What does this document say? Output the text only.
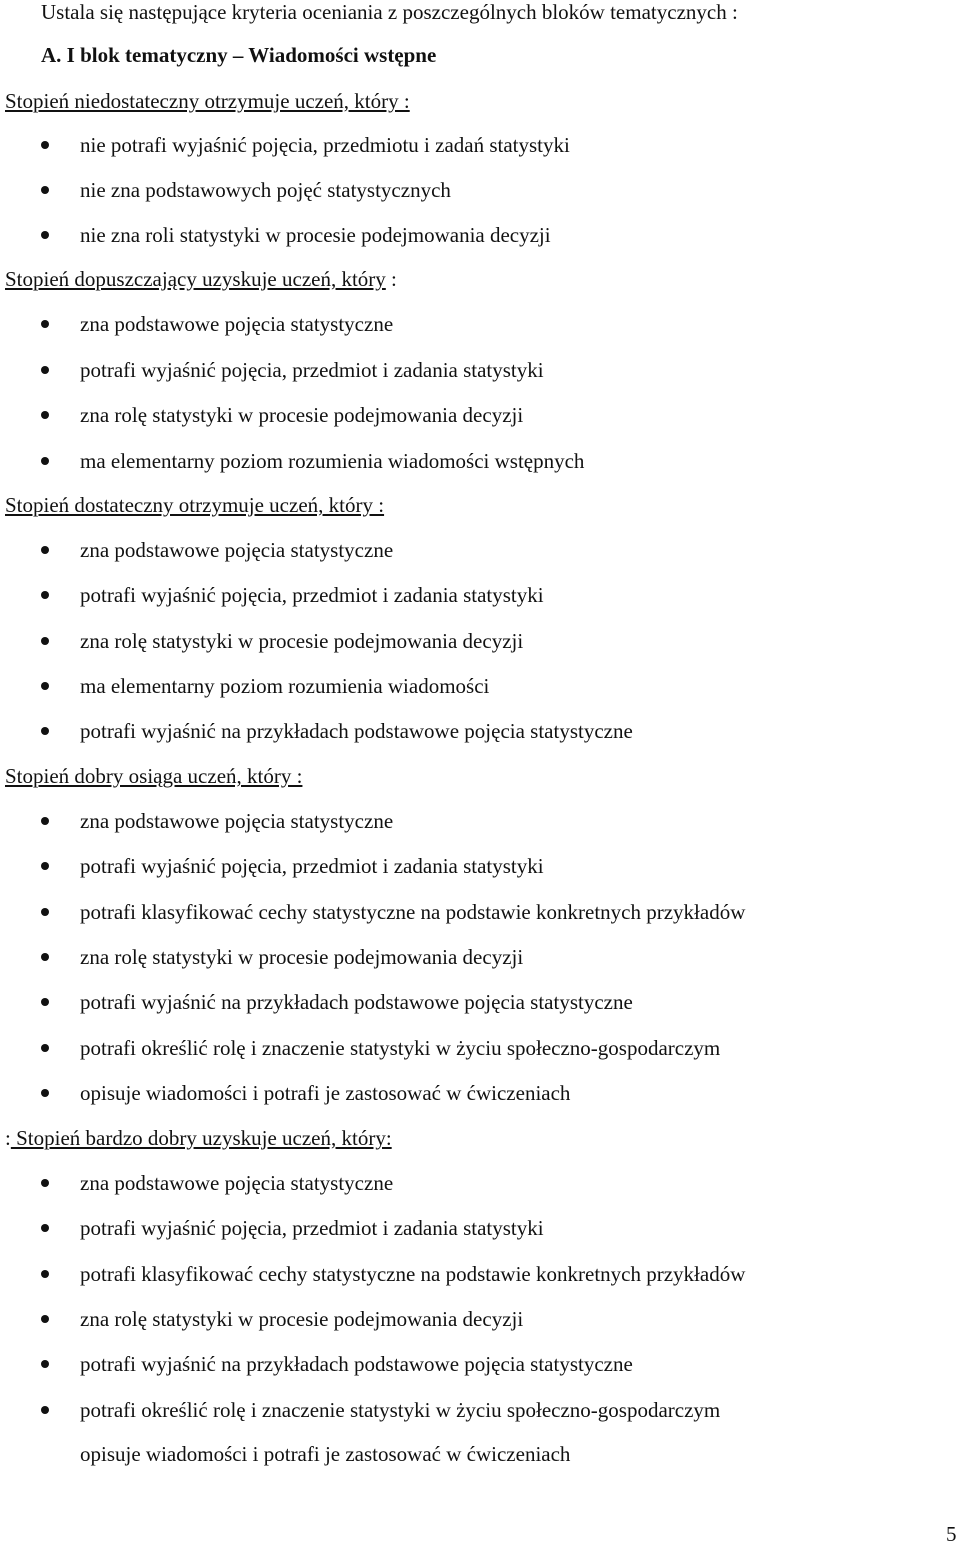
Ustala się następujące kryteria oceniania z poszczególnych bloków tematycznych :
A. I blok tematyczny – Wiadomości wstępne
Stopień niedostateczny otrzymuje uczeń, który :
nie potrafi wyjaśnić pojęcia, przedmiotu i zadań statystyki
nie zna podstawowych pojęć statystycznych
nie zna roli statystyki w procesie podejmowania decyzji
Stopień dopuszczający uzyskuje uczeń, który :
zna podstawowe pojęcia statystyczne
potrafi wyjaśnić pojęcia, przedmiot i zadania statystyki
zna rolę statystyki w procesie podejmowania decyzji
ma elementarny poziom rozumienia wiadomości wstępnych
Stopień dostateczny otrzymuje uczeń, który :
zna podstawowe pojęcia statystyczne
potrafi wyjaśnić pojęcia, przedmiot i zadania statystyki
zna rolę statystyki w procesie podejmowania decyzji
ma elementarny poziom rozumienia wiadomości
potrafi wyjaśnić na przykładach podstawowe pojęcia statystyczne
Stopień dobry osiąga uczeń, który :
zna podstawowe pojęcia statystyczne
potrafi wyjaśnić pojęcia, przedmiot i zadania statystyki
potrafi klasyfikować cechy statystyczne na podstawie konkretnych przykładów
zna rolę statystyki w procesie podejmowania decyzji
potrafi wyjaśnić na przykładach podstawowe pojęcia statystyczne
potrafi określić rolę i znaczenie statystyki w życiu społeczno-gospodarczym
opisuje wiadomości i potrafi je zastosować w ćwiczeniach
: Stopień bardzo dobry uzyskuje uczeń, który:
zna podstawowe pojęcia statystyczne
potrafi wyjaśnić pojęcia, przedmiot i zadania statystyki
potrafi klasyfikować cechy statystyczne na podstawie konkretnych przykładów
zna rolę statystyki w procesie podejmowania decyzji
potrafi wyjaśnić na przykładach podstawowe pojęcia statystyczne
potrafi określić rolę i znaczenie statystyki w życiu społeczno-gospodarczym
opisuje wiadomości i potrafi je zastosować w ćwiczeniach
5
